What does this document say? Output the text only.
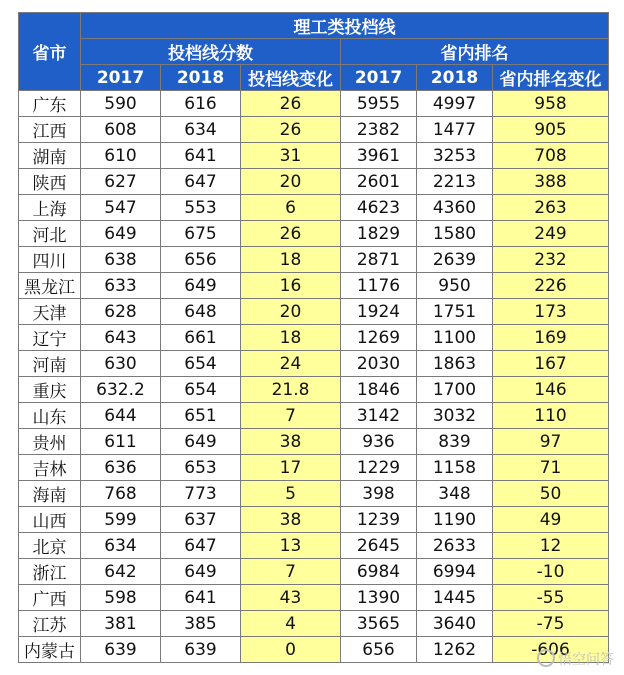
省市	理工类投档线					
	投档线分数			省内排名		
	2017	2018	投档线变化	2017	2018	省内排名变化
广东	590	616	26	5955	4997	958
江西	608	634	26	2382	1477	905
湖南	610	641	31	3961	3253	708
陕西	627	647	20	2601	2213	388
上海	547	553	6	4623	4360	263
河北	649	675	26	1829	1580	249
四川	638	656	18	2871	2639	232
黑龙江	633	649	16	1176	950	226
天津	628	648	20	1924	1751	173
辽宁	643	661	18	1269	1100	169
河南	630	654	24	2030	1863	167
重庆	632.2	654	21.8	1846	1700	146
山东	644	651	7	3142	3032	110
贵州	611	649	38	936	839	97
吉林	636	653	17	1229	1158	71
海南	768	773	5	398	348	50
山西	599	637	38	1239	1190	49
北京	634	647	13	2645	2633	12
浙江	642	649	7	6984	6994	-10
广西	598	641	43	1390	1445	-55
江苏	381	385	4	3565	3640	-75
内蒙古	639	639	0	656	1262	-606
悟空问答
